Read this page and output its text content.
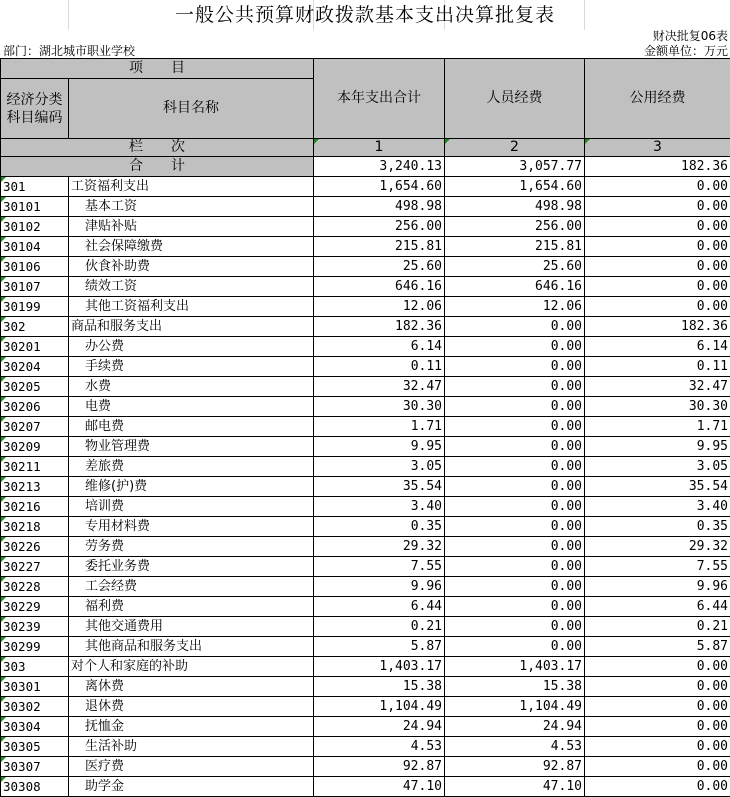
一般公共预算财政拨款基本支出决算批复表
财决批复06表
部门：湖北城市职业学校	金额单位：万元
项　　目		本年支出合计	人员经费	公用经费
经济分类
科目编码	科目名称			
栏　　次		1	2	3
合　　计		3,240.13	3,057.77	182.36
301	工资福利支出	1,654.60	1,654.60	0.00
30101	基本工资	498.98	498.98	0.00
30102	津贴补贴	256.00	256.00	0.00
30104	社会保障缴费	215.81	215.81	0.00
30106	伙食补助费	25.60	25.60	0.00
30107	绩效工资	646.16	646.16	0.00
30199	其他工资福利支出	12.06	12.06	0.00
302	商品和服务支出	182.36	0.00	182.36
30201	办公费	6.14	0.00	6.14
30204	手续费	0.11	0.00	0.11
30205	水费	32.47	0.00	32.47
30206	电费	30.30	0.00	30.30
30207	邮电费	1.71	0.00	1.71
30209	物业管理费	9.95	0.00	9.95
30211	差旅费	3.05	0.00	3.05
30213	维修(护)费	35.54	0.00	35.54
30216	培训费	3.40	0.00	3.40
30218	专用材料费	0.35	0.00	0.35
30226	劳务费	29.32	0.00	29.32
30227	委托业务费	7.55	0.00	7.55
30228	工会经费	9.96	0.00	9.96
30229	福利费	6.44	0.00	6.44
30239	其他交通费用	0.21	0.00	0.21
30299	其他商品和服务支出	5.87	0.00	5.87
303	对个人和家庭的补助	1,403.17	1,403.17	0.00
30301	离休费	15.38	15.38	0.00
30302	退休费	1,104.49	1,104.49	0.00
30304	抚恤金	24.94	24.94	0.00
30305	生活补助	4.53	4.53	0.00
30307	医疗费	92.87	92.87	0.00
30308	助学金	47.10	47.10	0.00
